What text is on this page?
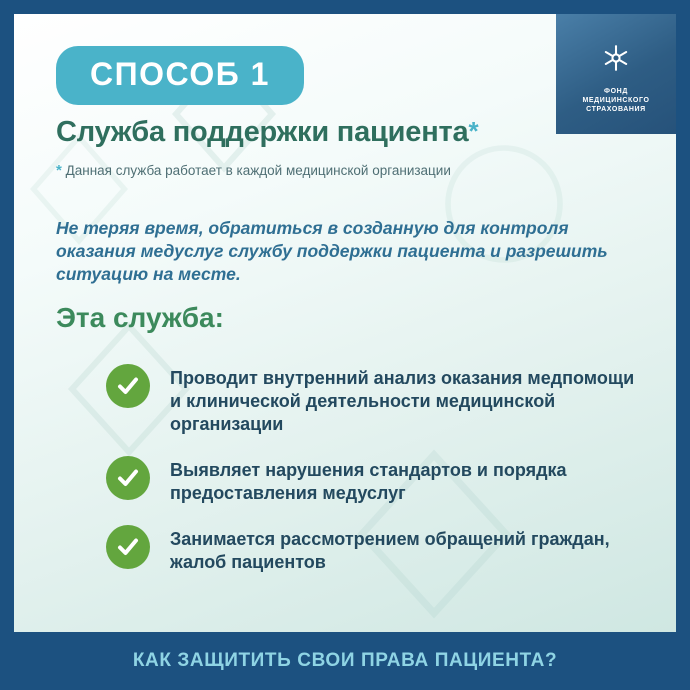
ФОНД
МЕДИЦИНСКОГО
СТРАХОВАНИЯ
СПОСОБ 1
Служба поддержки пациента*
* Данная служба работает в каждой медицинской организации
Не теряя время, обратиться в созданную для контроля оказания медуслуг службу поддержки пациента и разрешить ситуацию на месте.
Эта служба:
Проводит внутренний анализ оказания медпомощи и клинической деятельности медицинской организации
Выявляет нарушения стандартов и порядка предоставления медуслуг
Занимается рассмотрением обращений граждан, жалоб пациентов
КАК ЗАЩИТИТЬ СВОИ ПРАВА ПАЦИЕНТА?
